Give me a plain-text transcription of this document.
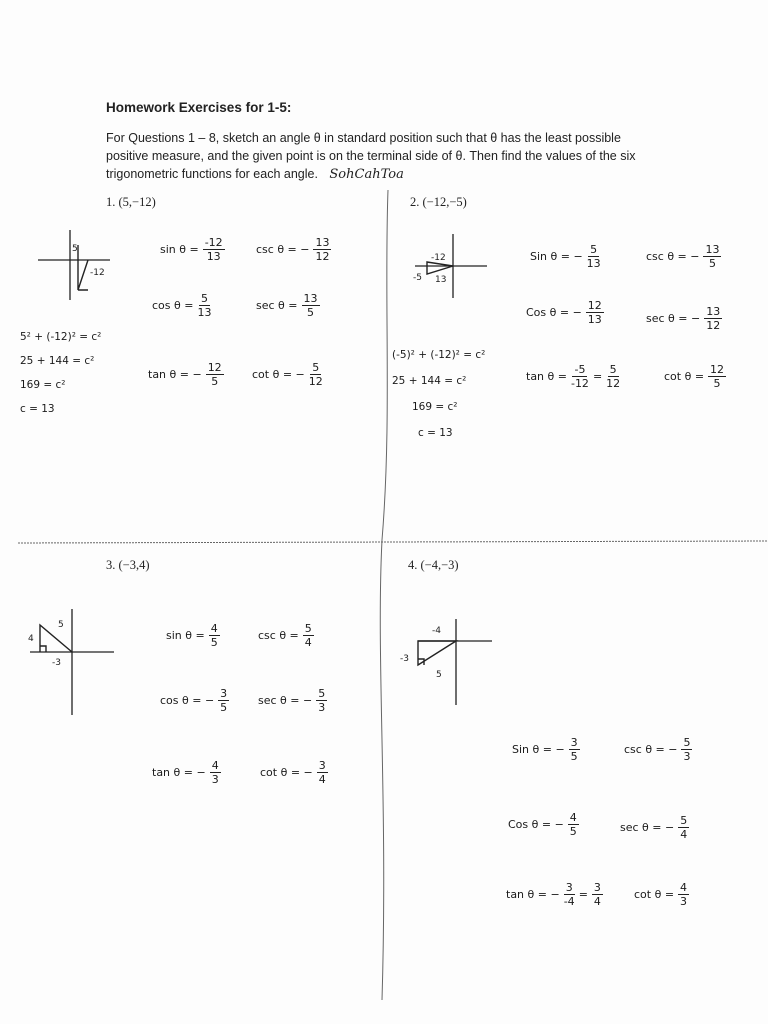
Homework Exercises for 1-5:
For Questions 1 – 8, sketch an angle θ in standard position such that θ has the least possible positive measure, and the given point is on the terminal side of θ. Then find the values of the six trigonometric functions for each angle. SohCahToa
1. (5,−12)
5
-12
5² + (-12)² = c²
25 + 144 = c²
169 = c²
c = 13
$\sin \theta = \frac{-12}{13}$	csc θ = − $\frac{13}{12}$
$\cos \theta = \frac{5}{13}$	$\sec \theta = \frac{13}{5}$
tan θ = − $\frac{12}{5}$	cot θ = − $\frac{5}{12}$
2. (−12,−5)
-12
-5 13
(-5)² + (-12)² = c²
25 + 144 = c²
169 = c²
c = 13
Sin θ = − $\frac{5}{13}$	csc θ = − $\frac{13}{5}$
Cos θ = − $\frac{12}{13}$	sec θ = − $\frac{13}{12}$
$\tan \theta = \frac{-5}{-12} = \frac{5}{12}$	$\cot \theta = \frac{12}{5}$
3. (−3,4)
4
5
-3
$\sin \theta = \frac{4}{5}$	$\csc \theta = \frac{5}{4}$
cos θ = − $\frac{3}{5}$	sec θ = − $\frac{5}{3}$
tan θ = − $\frac{4}{3}$	cot θ = − $\frac{3}{4}$
4. (−4,−3)
-4
-3
5
Sin θ = − $\frac{3}{5}$	csc θ = − $\frac{5}{3}$
Cos θ = − $\frac{4}{5}$	sec θ = − $\frac{5}{4}$
tan θ = − $\frac{3}{-4} = \frac{3}{4}$	$\cot \theta = \frac{4}{3}$
